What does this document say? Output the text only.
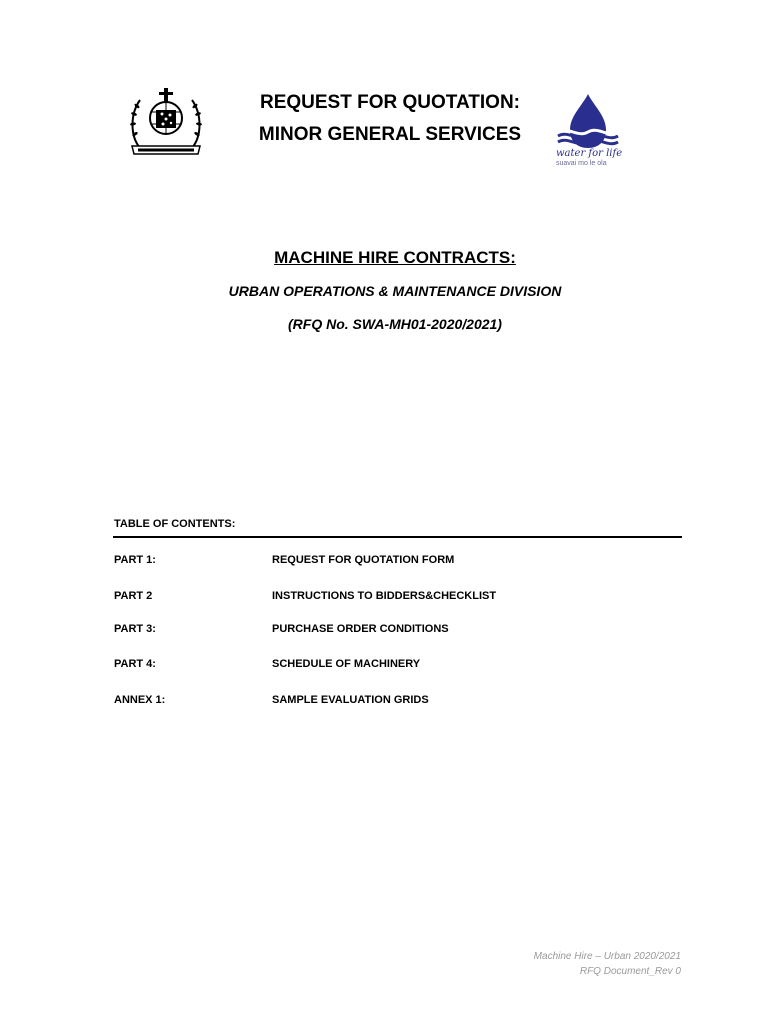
REQUEST FOR QUOTATION:
MINOR GENERAL SERVICES
water for life
suavai mo le ola
MACHINE HIRE CONTRACTS:
URBAN OPERATIONS & MAINTENANCE DIVISION
(RFQ No. SWA-MH01-2020/2021)
TABLE OF CONTENTS:
PART 1:	REQUEST FOR QUOTATION FORM
PART 2	INSTRUCTIONS TO BIDDERS&CHECKLIST
PART 3:	PURCHASE ORDER CONDITIONS
PART 4:	SCHEDULE OF MACHINERY
ANNEX 1:	SAMPLE EVALUATION GRIDS
Machine Hire – Urban 2020/2021
RFQ Document_Rev 0
